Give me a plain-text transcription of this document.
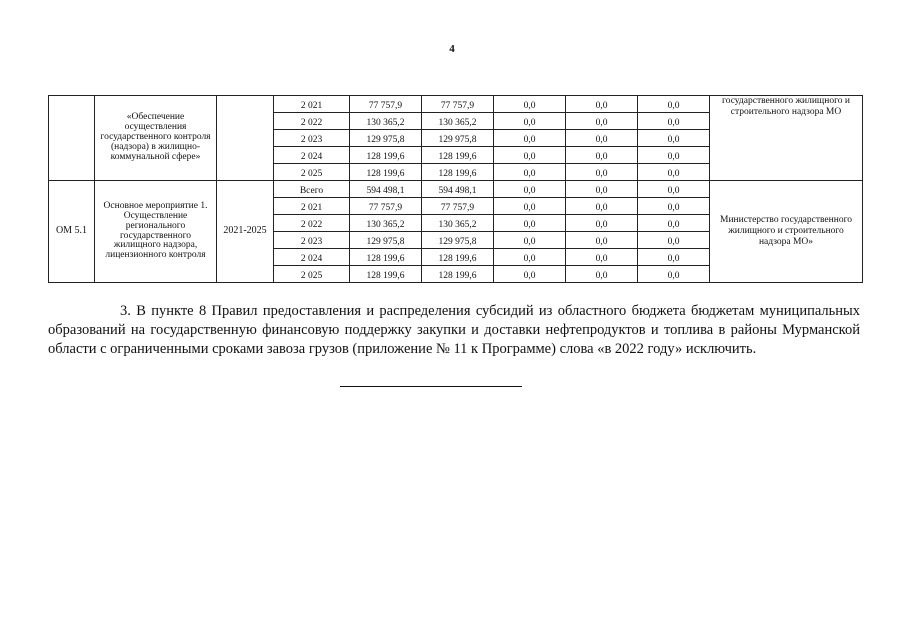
4
	«Обеспечение осуществления государственного контроля (надзора) в жилищно-коммунальной сфере»		2 021	77 757,9	77 757,9	0,0	0,0	0,0	государственного жилищного и строительного надзора МО
			2 022	130 365,2	130 365,2	0,0	0,0	0,0	
			2 023	129 975,8	129 975,8	0,0	0,0	0,0	
			2 024	128 199,6	128 199,6	0,0	0,0	0,0	
			2 025	128 199,6	128 199,6	0,0	0,0	0,0	
ОМ 5.1	Основное мероприятие 1. Осуществление регионального государственного жилищного надзора, лицензионного контроля	2021-2025	Всего	594 498,1	594 498,1	0,0	0,0	0,0	Министерство государственного жилищного и строительного надзора МО»
			2 021	77 757,9	77 757,9	0,0	0,0	0,0	
			2 022	130 365,2	130 365,2	0,0	0,0	0,0	
			2 023	129 975,8	129 975,8	0,0	0,0	0,0	
			2 024	128 199,6	128 199,6	0,0	0,0	0,0	
			2 025	128 199,6	128 199,6	0,0	0,0	0,0	
3. В пункте 8 Правил предоставления и распределения субсидий из областного бюджета бюджетам муниципальных образований на государственную финансовую поддержку закупки и доставки нефтепродуктов и топлива в районы Мурманской области с ограниченными сроками завоза грузов (приложение № 11 к Программе) слова «в 2022 году» исключить.
